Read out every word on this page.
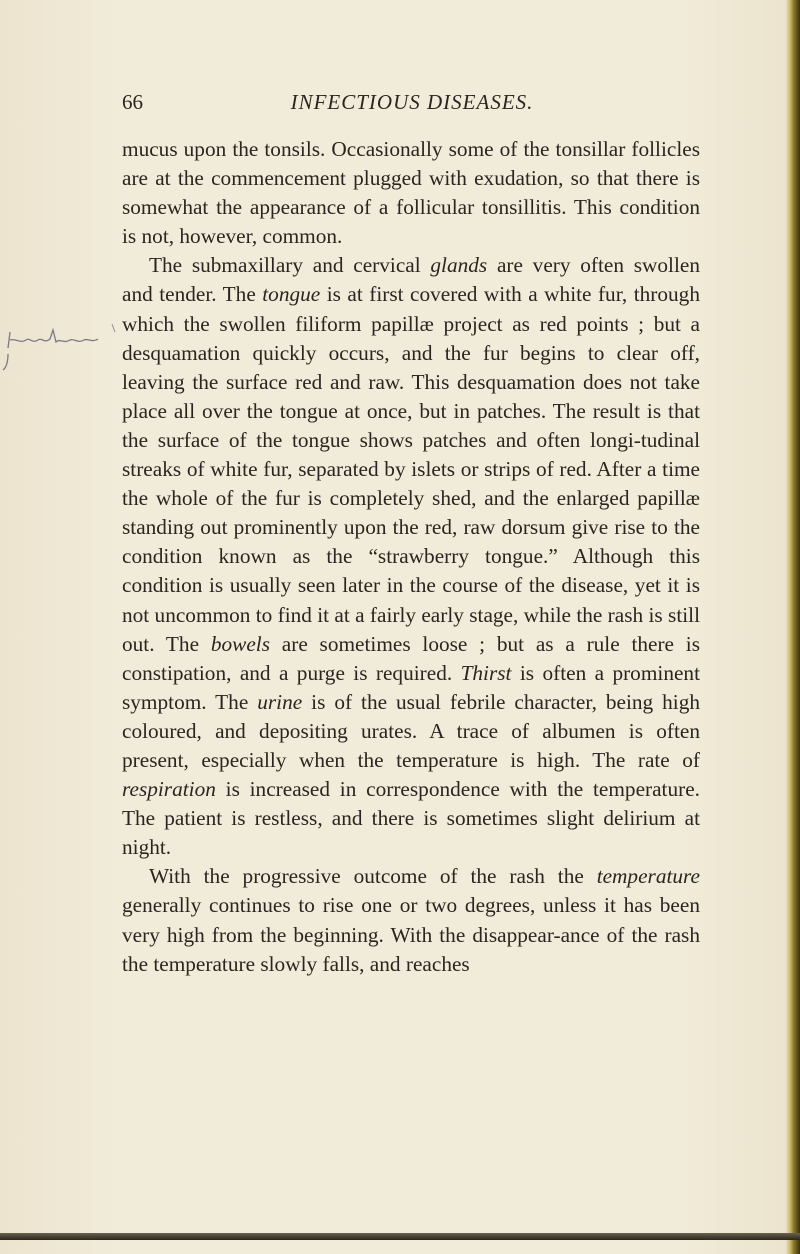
66	INFECTIOUS DISEASES.

mucus upon the tonsils. Occasionally some of the tonsillar follicles are at the commencement plugged with exudation, so that there is somewhat the appearance of a follicular tonsillitis. This condition is not, however, common.

The submaxillary and cervical glands are very often swollen and tender. The tongue is at first covered with a white fur, through which the swollen filiform papillæ project as red points ; but a desquamation quickly occurs, and the fur begins to clear off, leaving the surface red and raw. This desquamation does not take place all over the tongue at once, but in patches. The result is that the surface of the tongue shows patches and often longi-tudinal streaks of white fur, separated by islets or strips of red. After a time the whole of the fur is completely shed, and the enlarged papillæ standing out prominently upon the red, raw dorsum give rise to the condition known as the “strawberry tongue.” Although this condition is usually seen later in the course of the disease, yet it is not uncommon to find it at a fairly early stage, while the rash is still out. The bowels are sometimes loose ; but as a rule there is constipation, and a purge is required. Thirst is often a prominent symptom. The urine is of the usual febrile character, being high coloured, and depositing urates. A trace of albumen is often present, especially when the temperature is high. The rate of respiration is increased in correspondence with the temperature. The patient is restless, and there is sometimes slight delirium at night.

With the progressive outcome of the rash the temperature generally continues to rise one or two degrees, unless it has been very high from the beginning. With the disappear-ance of the rash the temperature slowly falls, and reaches
